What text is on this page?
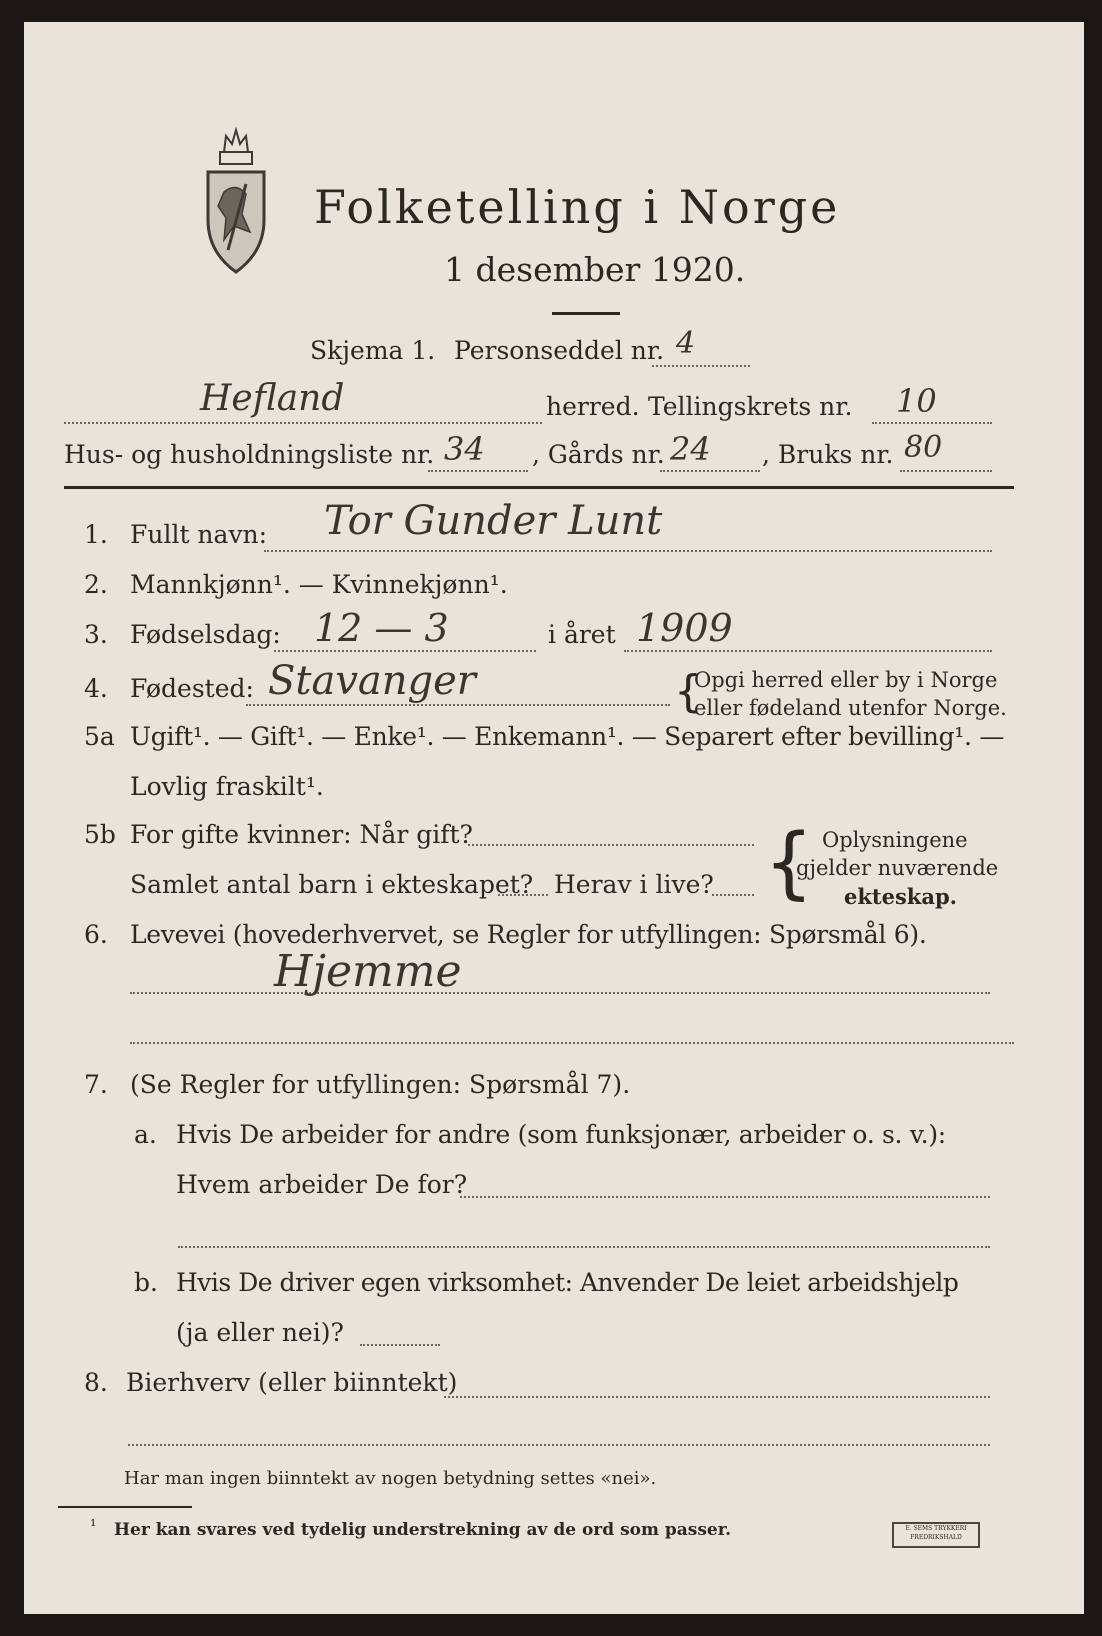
Folketelling i Norge
1 desember 1920.
Skjema 1. Personseddel nr. 4
Hefland	herred. Tellingskrets nr. 10
Hus- og husholdningsliste nr. 34 , Gårds nr. 24 , Bruks nr. 80
1. Fullt navn: Tor Gunder Lunt
2. Mannkjønn¹. — Kvinnekjønn¹.
3. Fødselsdag: 12 — 3	i året 1909
4. Fødested: Stavanger	{
Opgi herred eller by i Norge
eller fødeland utenfor Norge.
5a Ugift¹. — Gift¹. — Enke¹. — Enkemann¹. — Separert efter bevilling¹. —
Lovlig fraskilt¹.
5b For gifte kvinner: Når gift?
Samlet antal barn i ekteskapet? Herav i live? { Oplysningene
gjelder nuværende
ekteskap.
6. Levevei (hovederhvervet, se Regler for utfyllingen: Spørsmål 6).
Hjemme
7. (Se Regler for utfyllingen: Spørsmål 7).
a. Hvis De arbeider for andre (som funksjonær, arbeider o. s. v.):
Hvem arbeider De for?
b. Hvis De driver egen virksomhet: Anvender De leiet arbeidshjelp
(ja eller nei)?
8. Bierhverv (eller biinntekt)
Har man ingen biinntekt av nogen betydning settes «nei».
¹ Her kan svares ved tydelig understrekning av de ord som passer.	E. SEMS TRYKKERI FREDRIKSHALD
